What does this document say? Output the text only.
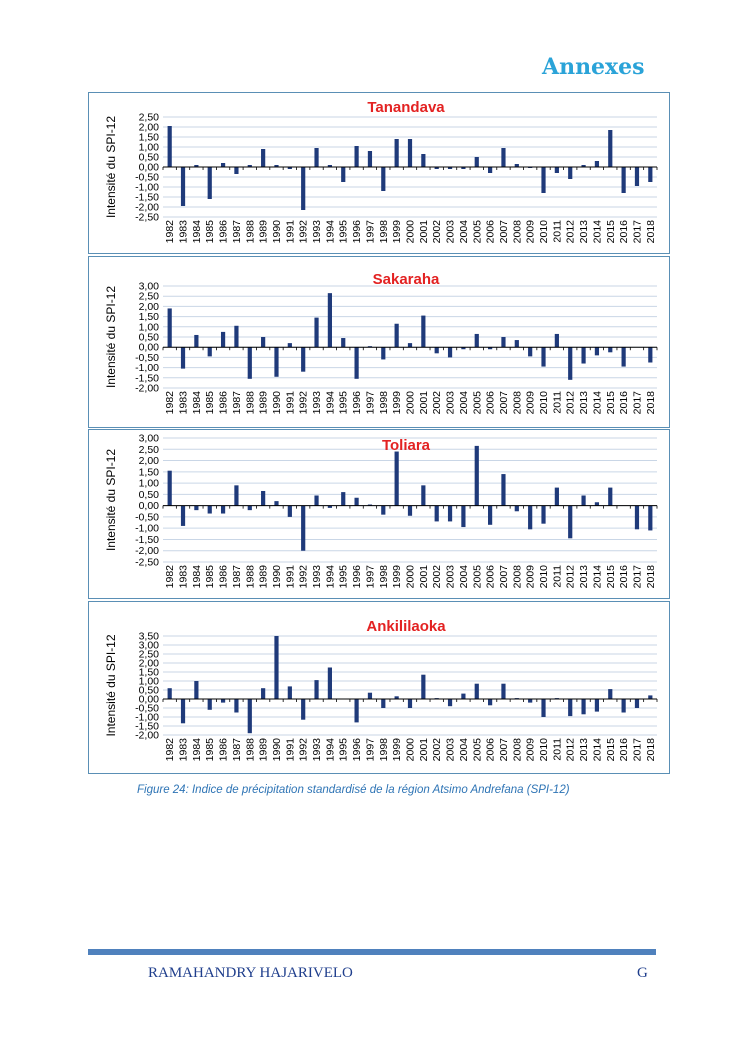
Annexes
2,50
2,00
1,50
1,00
0,50
0,00
-0,50
-1,00
-1,50
-2,00
-2,50
Intensité du SPI-12
1982 1983 1984 1985 1986 1987 1988 1989 1990 1991 1992 1993 1994 1995 1996 1997 1998 1999 2000 2001 2002 2003 2004 2005 2006 2007 2008 2009 2010 2011 2012 2013 2014 2015 2016 2017 2018
Tanandava
3,00
2,50
2,00
1,50
1,00
0,50
0,00
-0,50
-1,00
-1,50
-2,00
Intensité du SPI-12
1982 1983 1984 1985 1986 1987 1988 1989 1990 1991 1992 1993 1994 1995 1996 1997 1998 1999 2000 2001 2002 2003 2004 2005 2006 2007 2008 2009 2010 2011 2012 2013 2014 2015 2016 2017 2018
Sakaraha
3,00
2,50
2,00
1,50
1,00
0,50
0,00
-0,50
-1,00
-1,50
-2,00
-2,50
Intensité du SPI-12
1982 1983 1984 1985 1986 1987 1988 1989 1990 1991 1992 1993 1994 1995 1996 1997 1998 1999 2000 2001 2002 2003 2004 2005 2006 2007 2008 2009 2010 2011 2012 2013 2014 2015 2016 2017 2018
Toliara
3,50
3,00
2,50
2,00
1,50
1,00
0,50
0,00
-0,50
-1,00
-1,50
-2,00
Intensité du SPI-12
1982 1983 1984 1985 1986 1987 1988 1989 1990 1991 1992 1993 1994 1995 1996 1997 1998 1999 2000 2001 2002 2003 2004 2005 2006 2007 2008 2009 2010 2011 2012 2013 2014 2015 2016 2017 2018
Ankililaoka
Figure 24: Indice de précipitation standardisé de la région Atsimo Andrefana (SPI-12)
RAMAHANDRY HAJARIVELO	G
